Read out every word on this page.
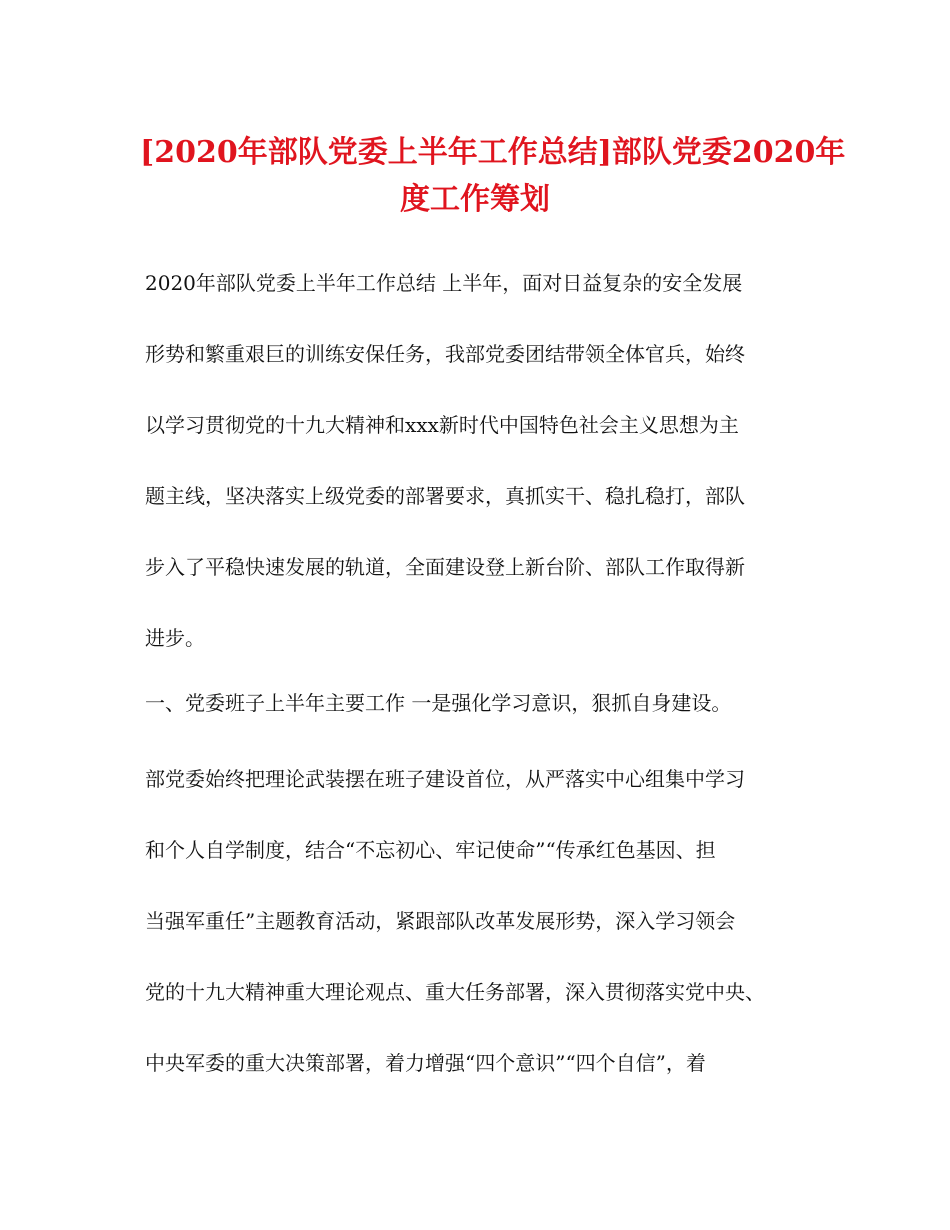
[2020年部队党委上半年工作总结]部队党委2020年
度工作筹划
2020年部队党委上半年工作总结 上半年，面对日益复杂的安全发展
形势和繁重艰巨的训练安保任务，我部党委团结带领全体官兵，始终
以学习贯彻党的十九大精神和xxx新时代中国特色社会主义思想为主
题主线，坚决落实上级党委的部署要求，真抓实干、稳扎稳打，部队
步入了平稳快速发展的轨道，全面建设登上新台阶、部队工作取得新
进步。
一、党委班子上半年主要工作 一是强化学习意识，狠抓自身建设。
部党委始终把理论武装摆在班子建设首位，从严落实中心组集中学习
和个人自学制度，结合“不忘初心、牢记使命”“传承红色基因、担
当强军重任”主题教育活动，紧跟部队改革发展形势，深入学习领会
党的十九大精神重大理论观点、重大任务部署，深入贯彻落实党中央、
中央军委的重大决策部署，着力增强“四个意识”“四个自信”，着
